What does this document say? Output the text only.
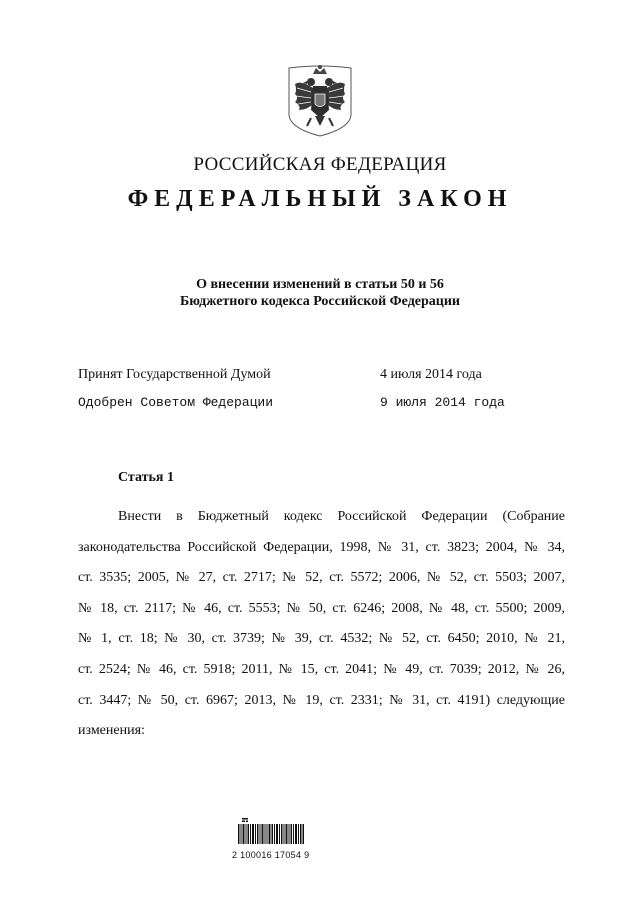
РОССИЙСКАЯ ФЕДЕРАЦИЯ
ФЕДЕРАЛЬНЫЙ ЗАКОН
О внесении изменений в статьи 50 и 56
Бюджетного кодекса Российской Федерации
Принят Государственной Думой	4 июля 2014 года
Одобрен Советом Федерации	9 июля 2014 года
Статья 1
Внести в Бюджетный кодекс Российской Федерации (Собрание
законодательства Российской Федерации, 1998, № 31, ст. 3823; 2004, № 34,
ст. 3535; 2005, № 27, ст. 2717; № 52, ст. 5572; 2006, № 52, ст. 5503; 2007,
№ 18, ст. 2117; № 46, ст. 5553; № 50, ст. 6246; 2008, № 48, ст. 5500; 2009,
№ 1, ст. 18; № 30, ст. 3739; № 39, ст. 4532; № 52, ст. 6450; 2010, № 21,
ст. 2524; № 46, ст. 5918; 2011, № 15, ст. 2041; № 49, ст. 7039; 2012, № 26,
ст. 3447; № 50, ст. 6967; 2013, № 19, ст. 2331; № 31, ст. 4191) следующие
изменения:
2 100016 17054 9
